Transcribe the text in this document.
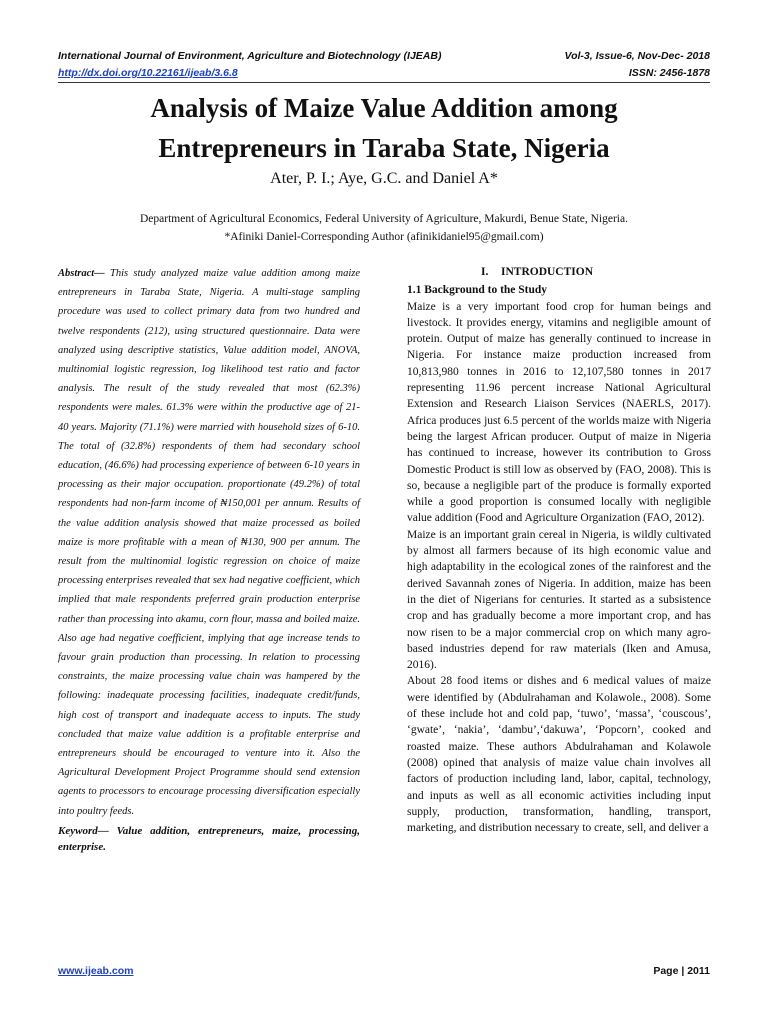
International Journal of Environment, Agriculture and Biotechnology (IJEAB)	Vol-3, Issue-6, Nov-Dec- 2018
http://dx.doi.org/10.22161/ijeab/3.6.8	ISSN: 2456-1878
Analysis of Maize Value Addition among
Entrepreneurs in Taraba State, Nigeria
Ater, P. I.; Aye, G.C. and Daniel A*
Department of Agricultural Economics, Federal University of Agriculture, Makurdi, Benue State, Nigeria.
*Afiniki Daniel-Corresponding Author (afinikidaniel95@gmail.com)
Abstract— This study analyzed maize value addition among maize entrepreneurs in Taraba State, Nigeria. A multi-stage sampling procedure was used to collect primary data from two hundred and twelve respondents (212), using structured questionnaire. Data were analyzed using descriptive statistics, Value addition model, ANOVA, multinomial logistic regression, log likelihood test ratio and factor analysis. The result of the study revealed that most (62.3%) respondents were males. 61.3% were within the productive age of 21-40 years. Majority (71.1%) were married with household sizes of 6-10. The total of (32.8%) respondents of them had secondary school education, (46.6%) had processing experience of between 6-10 years in processing as their major occupation. proportionate (49.2%) of total respondents had non-farm income of ₦150,001 per annum. Results of the value addition analysis showed that maize processed as boiled maize is more profitable with a mean of ₦130, 900 per annum. The result from the multinomial logistic regression on choice of maize processing enterprises revealed that sex had negative coefficient, which implied that male respondents preferred grain production enterprise rather than processing into akamu, corn flour, massa and boiled maize. Also age had negative coefficient, implying that age increase tends to favour grain production than processing. In relation to processing constraints, the maize processing value chain was hampered by the following: inadequate processing facilities, inadequate credit/funds, high cost of transport and inadequate access to inputs. The study concluded that maize value addition is a profitable enterprise and entrepreneurs should be encouraged to venture into it. Also the Agricultural Development Project Programme should send extension agents to processors to encourage processing diversification especially into poultry feeds.
Keyword— Value addition, entrepreneurs, maize, processing, enterprise.
I.	INTRODUCTION
1.1 Background to the Study

Maize is a very important food crop for human beings and livestock. It provides energy, vitamins and negligible amount of protein. Output of maize has generally continued to increase in Nigeria. For instance maize production increased from 10,813,980 tonnes in 2016 to 12,107,580 tonnes in 2017 representing 11.96 percent increase National Agricultural Extension and Research Liaison Services (NAERLS, 2017). Africa produces just 6.5 percent of the worlds maize with Nigeria being the largest African producer. Output of maize in Nigeria has continued to increase, however its contribution to Gross Domestic Product is still low as observed by (FAO, 2008). This is so, because a negligible part of the produce is formally exported while a good proportion is consumed locally with negligible value addition (Food and Agriculture Organization (FAO, 2012).

Maize is an important grain cereal in Nigeria, is wildly cultivated by almost all farmers because of its high economic value and high adaptability in the ecological zones of the rainforest and the derived Savannah zones of Nigeria. In addition, maize has been in the diet of Nigerians for centuries. It started as a subsistence crop and has gradually become a more important crop, and has now risen to be a major commercial crop on which many agro-based industries depend for raw materials (Iken and Amusa, 2016).

About 28 food items or dishes and 6 medical values of maize were identified by (Abdulrahaman and Kolawole., 2008). Some of these include hot and cold pap, ‘tuwo’, ‘massa’, ‘couscous’, ‘gwate’, ‘nakia’, ‘dambu’,‘dakuwa’, ‘Popcorn’, cooked and roasted maize. These authors Abdulrahaman and Kolawole (2008) opined that analysis of maize value chain involves all factors of production including land, labor, capital, technology, and inputs as well as all economic activities including input supply, production, transformation, handling, transport, marketing, and distribution necessary to create, sell, and deliver a

www.ijeab.com	Page | 2011
